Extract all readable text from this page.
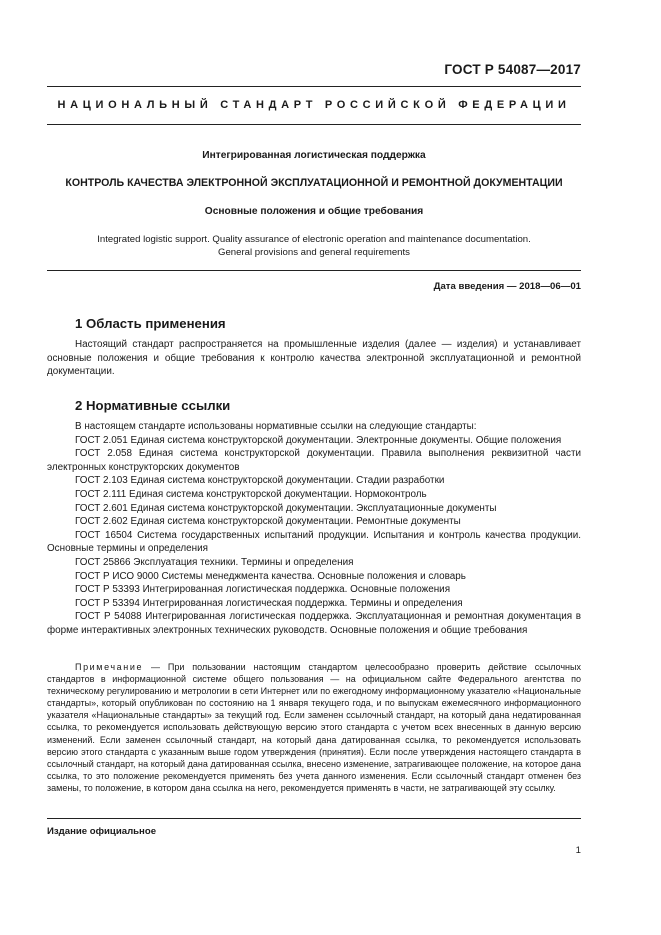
ГОСТ Р 54087—2017
НАЦИОНАЛЬНЫЙ СТАНДАРТ РОССИЙСКОЙ ФЕДЕРАЦИИ
Интегрированная логистическая поддержка
КОНТРОЛЬ КАЧЕСТВА ЭЛЕКТРОННОЙ ЭКСПЛУАТАЦИОННОЙ И РЕМОНТНОЙ ДОКУМЕНТАЦИИ
Основные положения и общие требования
Integrated logistic support. Quality assurance of electronic operation and maintenance documentation.
General provisions and general requirements
Дата введения — 2018—06—01
1 Область применения
Настоящий стандарт распространяется на промышленные изделия (далее — изделия) и устанавливает основные положения и общие требования к контролю качества электронной эксплуатационной и ремонтной документации.
2 Нормативные ссылки
В настоящем стандарте использованы нормативные ссылки на следующие стандарты:
ГОСТ 2.051 Единая система конструкторской документации. Электронные документы. Общие положения
ГОСТ 2.058 Единая система конструкторской документации. Правила выполнения реквизитной части электронных конструкторских документов
ГОСТ 2.103 Единая система конструкторской документации. Стадии разработки
ГОСТ 2.111 Единая система конструкторской документации. Нормоконтроль
ГОСТ 2.601 Единая система конструкторской документации. Эксплуатационные документы
ГОСТ 2.602 Единая система конструкторской документации. Ремонтные документы
ГОСТ 16504 Система государственных испытаний продукции. Испытания и контроль качества продукции. Основные термины и определения
ГОСТ 25866 Эксплуатация техники. Термины и определения
ГОСТ Р ИСО 9000 Системы менеджмента качества. Основные положения и словарь
ГОСТ Р 53393 Интегрированная логистическая поддержка. Основные положения
ГОСТ Р 53394 Интегрированная логистическая поддержка. Термины и определения
ГОСТ Р 54088 Интегрированная логистическая поддержка. Эксплуатационная и ремонтная документация в форме интерактивных электронных технических руководств. Основные положения и общие требования
Примечание — При пользовании настоящим стандартом целесообразно проверить действие ссылочных стандартов в информационной системе общего пользования — на официальном сайте Федерального агентства по техническому регулированию и метрологии в сети Интернет или по ежегодному информационному указателю «Национальные стандарты», который опубликован по состоянию на 1 января текущего года, и по выпускам ежемесячного информационного указателя «Национальные стандарты» за текущий год. Если заменен ссылочный стандарт, на который дана недатированная ссылка, то рекомендуется использовать действующую версию этого стандарта с учетом всех внесенных в данную версию изменений. Если заменен ссылочный стандарт, на который дана датированная ссылка, то рекомендуется использовать версию этого стандарта с указанным выше годом утверждения (принятия). Если после утверждения настоящего стандарта в ссылочный стандарт, на который дана датированная ссылка, внесено изменение, затрагивающее положение, на которое дана ссылка, то это положение рекомендуется применять без учета данного изменения. Если ссылочный стандарт отменен без замены, то положение, в котором дана ссылка на него, рекомендуется применять в части, не затрагивающей эту ссылку.
Издание официальное
1
